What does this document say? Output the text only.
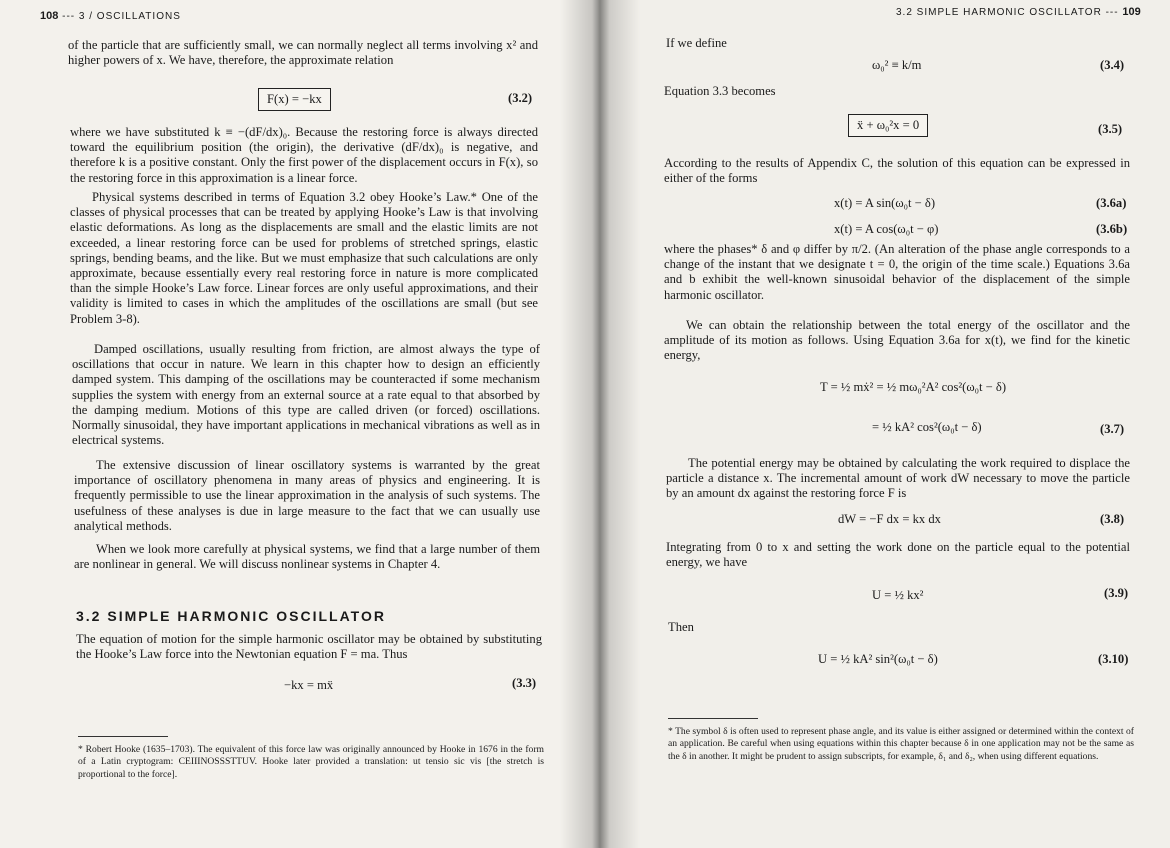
108 --- 3 / OSCILLATIONS
of the particle that are sufficiently small, we can normally neglect all terms involving x² and higher powers of x. We have, therefore, the approximate relation
F(x) = −kx	(3.2)
where we have substituted k ≡ −(dF/dx)₀. Because the restoring force is always directed toward the equilibrium position (the origin), the derivative (dF/dx)₀ is negative, and therefore k is a positive constant. Only the first power of the displacement occurs in F(x), so the restoring force in this approximation is a linear force.
Physical systems described in terms of Equation 3.2 obey Hooke’s Law.* One of the classes of physical processes that can be treated by applying Hooke’s Law is that involving elastic deformations. As long as the displacements are small and the elastic limits are not exceeded, a linear restoring force can be used for problems of stretched springs, elastic springs, bending beams, and the like. But we must emphasize that such calculations are only approximate, because essentially every real restoring force in nature is more complicated than the simple Hooke’s Law force. Linear forces are only useful approximations, and their validity is limited to cases in which the amplitudes of the oscillations are small (but see Problem 3-8).
Damped oscillations, usually resulting from friction, are almost always the type of oscillations that occur in nature. We learn in this chapter how to design an efficiently damped system. This damping of the oscillations may be counteracted if some mechanism supplies the system with energy from an external source at a rate equal to that absorbed by the damping medium. Motions of this type are called driven (or forced) oscillations. Normally sinusoidal, they have important applications in mechanical vibrations as well as in electrical systems.
The extensive discussion of linear oscillatory systems is warranted by the great importance of oscillatory phenomena in many areas of physics and engineering. It is frequently permissible to use the linear approximation in the analysis of such systems. The usefulness of these analyses is due in large measure to the fact that we can usually use analytical methods.
When we look more carefully at physical systems, we find that a large number of them are nonlinear in general. We will discuss nonlinear systems in Chapter 4.
3.2 SIMPLE HARMONIC OSCILLATOR
The equation of motion for the simple harmonic oscillator may be obtained by substituting the Hooke’s Law force into the Newtonian equation F = ma. Thus
−kx = mẍ	(3.3)
* Robert Hooke (1635–1703). The equivalent of this force law was originally announced by Hooke in 1676 in the form of a Latin cryptogram: CEIIINOSSSTTUV. Hooke later provided a translation: ut tensio sic vis [the stretch is proportional to the force].
3.2 SIMPLE HARMONIC OSCILLATOR --- 109
If we define
ω₀² ≡ k/m	(3.4)
Equation 3.3 becomes
ẍ + ω₀²x = 0	(3.5)
According to the results of Appendix C, the solution of this equation can be expressed in either of the forms
x(t) = A sin(ω₀t − δ)	(3.6a)
x(t) = A cos(ω₀t − φ)	(3.6b)
where the phases* δ and φ differ by π/2. (An alteration of the phase angle corresponds to a change of the instant that we designate t = 0, the origin of the time scale.) Equations 3.6a and b exhibit the well-known sinusoidal behavior of the displacement of the simple harmonic oscillator.
We can obtain the relationship between the total energy of the oscillator and the amplitude of its motion as follows. Using Equation 3.6a for x(t), we find for the kinetic energy,
T = ½ mẋ² = ½ mω₀²A² cos²(ω₀t − δ)
= ½ kA² cos²(ω₀t − δ)	(3.7)
The potential energy may be obtained by calculating the work required to displace the particle a distance x. The incremental amount of work dW necessary to move the particle by an amount dx against the restoring force F is
dW = −F dx = kx dx	(3.8)
Integrating from 0 to x and setting the work done on the particle equal to the potential energy, we have
U = ½ kx²	(3.9)
Then
U = ½ kA² sin²(ω₀t − δ)	(3.10)
* The symbol δ is often used to represent phase angle, and its value is either assigned or determined within the context of an application. Be careful when using equations within this chapter because δ in one application may not be the same as the δ in another. It might be prudent to assign subscripts, for example, δ₁ and δ₂, when using different equations.
